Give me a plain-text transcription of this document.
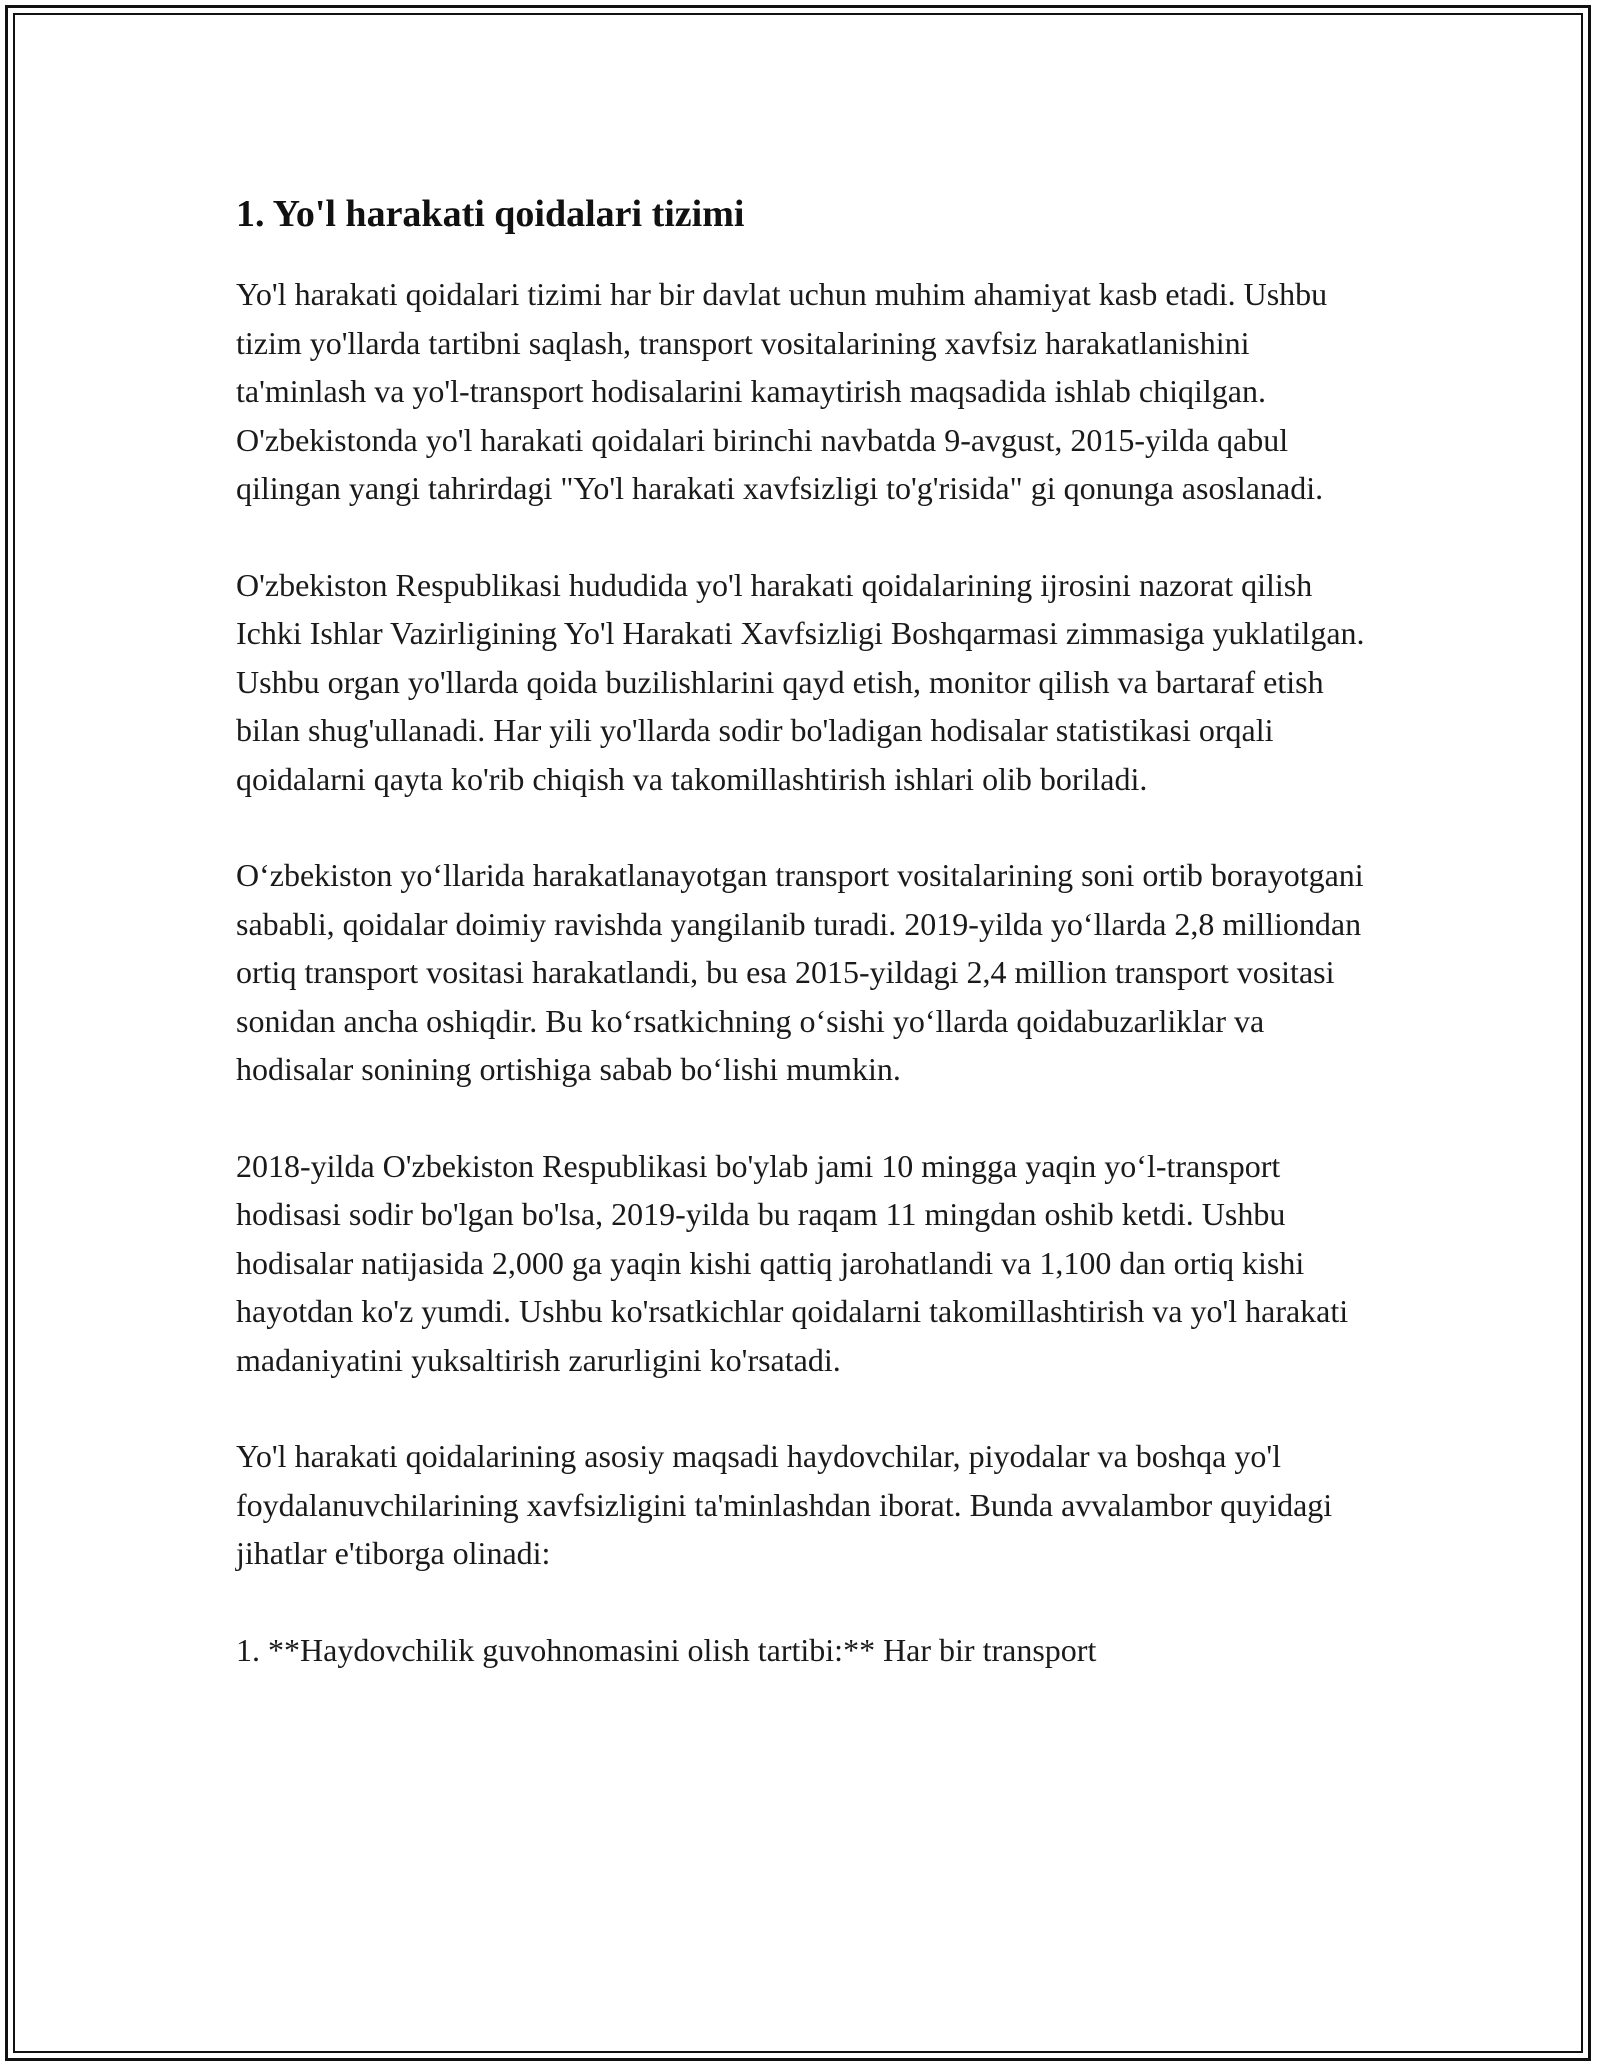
1. Yo'l harakati qoidalari tizimi

Yo'l harakati qoidalari tizimi har bir davlat uchun muhim ahamiyat kasb etadi. Ushbu tizim yo'llarda tartibni saqlash, transport vositalarining xavfsiz harakatlanishini ta'minlash va yo'l-transport hodisalarini kamaytirish maqsadida ishlab chiqilgan. O'zbekistonda yo'l harakati qoidalari birinchi navbatda 9-avgust, 2015-yilda qabul qilingan yangi tahrirdagi "Yo'l harakati xavfsizligi to'g'risida" gi qonunga asoslanadi.

O'zbekiston Respublikasi hududida yo'l harakati qoidalarining ijrosini nazorat qilish Ichki Ishlar Vazirligining Yo'l Harakati Xavfsizligi Boshqarmasi zimmasiga yuklatilgan. Ushbu organ yo'llarda qoida buzilishlarini qayd etish, monitor qilish va bartaraf etish bilan shug'ullanadi. Har yili yo'llarda sodir bo'ladigan hodisalar statistikasi orqali qoidalarni qayta ko'rib chiqish va takomillashtirish ishlari olib boriladi.

Oʻzbekiston yoʻllarida harakatlanayotgan transport vositalarining soni ortib borayotgani sababli, qoidalar doimiy ravishda yangilanib turadi. 2019-yilda yoʻllarda 2,8 milliondan ortiq transport vositasi harakatlandi, bu esa 2015-yildagi 2,4 million transport vositasi sonidan ancha oshiqdir. Bu koʻrsatkichning oʻsishi yoʻllarda qoidabuzarliklar va hodisalar sonining ortishiga sabab boʻlishi mumkin.

2018-yilda O'zbekiston Respublikasi bo'ylab jami 10 mingga yaqin yoʻl-transport hodisasi sodir bo'lgan bo'lsa, 2019-yilda bu raqam 11 mingdan oshib ketdi. Ushbu hodisalar natijasida 2,000 ga yaqin kishi qattiq jarohatlandi va 1,100 dan ortiq kishi hayotdan ko'z yumdi. Ushbu ko'rsatkichlar qoidalarni takomillashtirish va yo'l harakati madaniyatini yuksaltirish zarurligini ko'rsatadi.

Yo'l harakati qoidalarining asosiy maqsadi haydovchilar, piyodalar va boshqa yo'l foydalanuvchilarining xavfsizligini ta'minlashdan iborat. Bunda avvalambor quyidagi jihatlar e'tiborga olinadi:

1. **Haydovchilik guvohnomasini olish tartibi:** Har bir transport
